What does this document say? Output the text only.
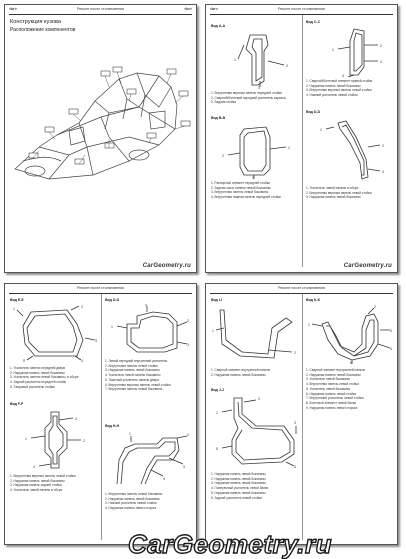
<br>	Ремонт после столкновения	<br>
Конструкция кузова
Расположение компонентов
CarGeometry.ru
<br>	Ремонт после столкновения
Вид A-A
1
2
3
1. Внутренняя верхняя панель передней стойки
2. Сварной/болтовой передний усилитель каркаса
3. Задняя стойка
Вид B-B
1
2
3
1. Распорный элемент передней стойки
2. Задняя часть панели левой боковины
3. Внутренняя панель левой боковины
4. Внутренняя нижняя панель передней стойки
Вид C-C
1
2
3
4
1. Сварной/болтовой элемент правой стойки
2. Наружная панель левой боковины
3. Внутренняя верхняя панель левой стойки
4. Нижний усилитель левой стойки
Вид D-D
1
2
3
1. Усилитель левой панели в сборе
2. Внутренняя верхняя панель левой стойки
3. Наружная панель левой боковины
CarGeometry.ru
Ремонт после столкновения
Вид E-E
1	2
3
4
5
1. Усилитель панели передней двери
2. Наружная панель левой боковины
3. Усилитель панели левой боковины, в сборе
4. Задний усилитель передней стойки
5. Тавровый усилитель стойки
Вид F-F
1	2
3
4
1. Внутренняя верхняя панель левой стойки
2. Наружная панель левой боковины
3. Наружная панель задней стойки
4. Усилитель левой панели в сборе
Вид D-D
1
2
3
4
1. Левый передний внутренний усилитель
2. Внутренняя панель левой стойки
3. Наружная панель левой боковины
4. Усилитель левой панели боковины
5. Тяжелый усилитель панели двери
6. Внутренняя верхняя панель левой стойки
7. Внутренняя панель левой боковины
Вид H-H
1	2
3
4
1. Внутренняя панель левой боковины
2. Наружная панель левой боковины
3. Нижний усилитель левой стойки
4. Наружная панель левого порога
Ремонт после столкновения
Вид I-I
1
2
1. Сварной элемент внутренней панели
2. Наружная панель левой боковины
Вид J-J
1
2
3
4
5
1. Наружная панель левой боковины
2. Наружная панель левой боковины
3. Наружная панель левой боковины
4. Поперечный усилитель левой балки
5. Наружная панель левой боковины
6. Задний усилитель левой стойки
Вид K-K
1
2
3
4
5
1. Сварной элемент внутренней панели
2. Наружная панель левой боковины
3. Усилитель левой боковины
4. Внутренняя панель левой стойки
5. Усилитель левой боковины
6. Наружная панель левой стойки
7. Внутренний усилитель левой стойки
8. Болтовой элемент левой балки
9. Наружная панель левого порога
CarGeometry.ru
